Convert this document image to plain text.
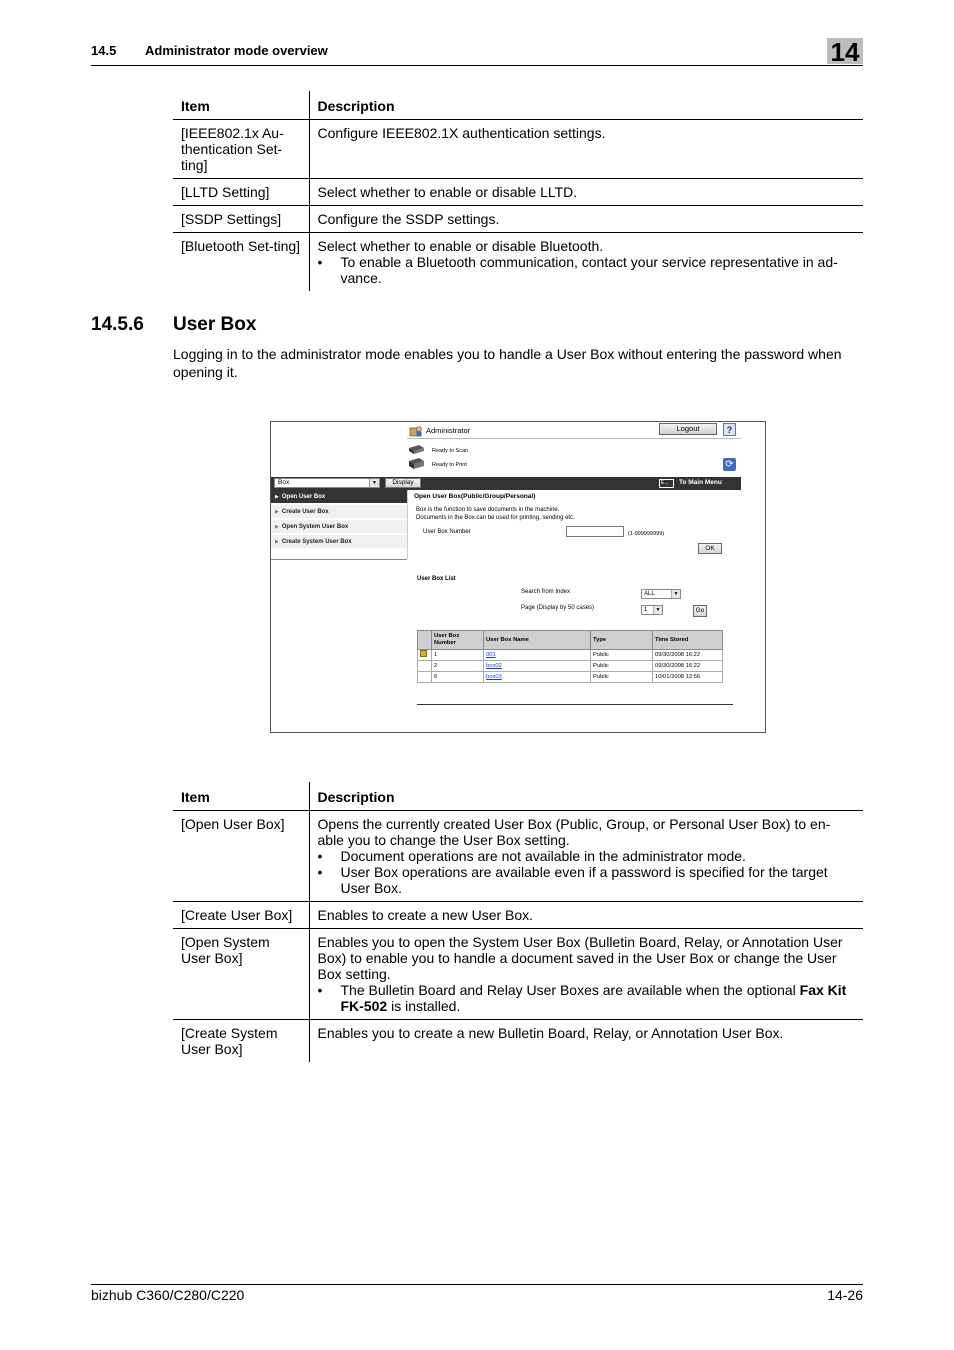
14.5 Administrator mode overview	14
Item	Description
[IEEE802.1x Au-thentication Set-ting]	Configure IEEE802.1X authentication settings.
[LLTD Setting]	Select whether to enable or disable LLTD.
[SSDP Settings]	Configure the SSDP settings.
[Bluetooth Set-ting]	Select whether to enable or disable Bluetooth.
• To enable a Bluetooth communication, contact your service representative in ad-vance.
14.5.6 User Box
Logging in to the administrator mode enables you to handle a User Box without entering the password when opening it.
Administrator	Logout	?
Ready to Scan
Ready to Print	⟳
Box	▼	Display	E...	To Main Menu
▶ Open User Box
▶ Create User Box
▶ Open System User Box
▶ Create System User Box
Open User Box(Public/Group/Personal)
Box is the function to save documents in the machine.
Documents in the Box can be used for printing, sending etc.
User Box Number	(1-999999999)
OK
User Box List
Search from Index	ALL	▼
Page (Display by 50 cases)	1	▼	Go
	User Box Number	User Box Name	Type	Time Stored
	1	001	Public	09/30/2008 16:22
	2	box02	Public	09/30/2008 16:22
	6	box03	Public	10/01/2008 12:56
Item	Description
[Open User Box]	Opens the currently created User Box (Public, Group, or Personal User Box) to en-able you to change the User Box setting.
• Document operations are not available in the administrator mode.
• User Box operations are available even if a password is specified for the target User Box.

[Create User Box]	Enables to create a new User Box.
[Open System User Box]	Enables you to open the System User Box (Bulletin Board, Relay, or Annotation User Box) to enable you to handle a document saved in the User Box or change the User Box setting.
• The Bulletin Board and Relay User Boxes are available when the optional Fax Kit FK-502 is installed.

[Create System User Box]	Enables you to create a new Bulletin Board, Relay, or Annotation User Box.
bizhub C360/C280/C220	14-26
